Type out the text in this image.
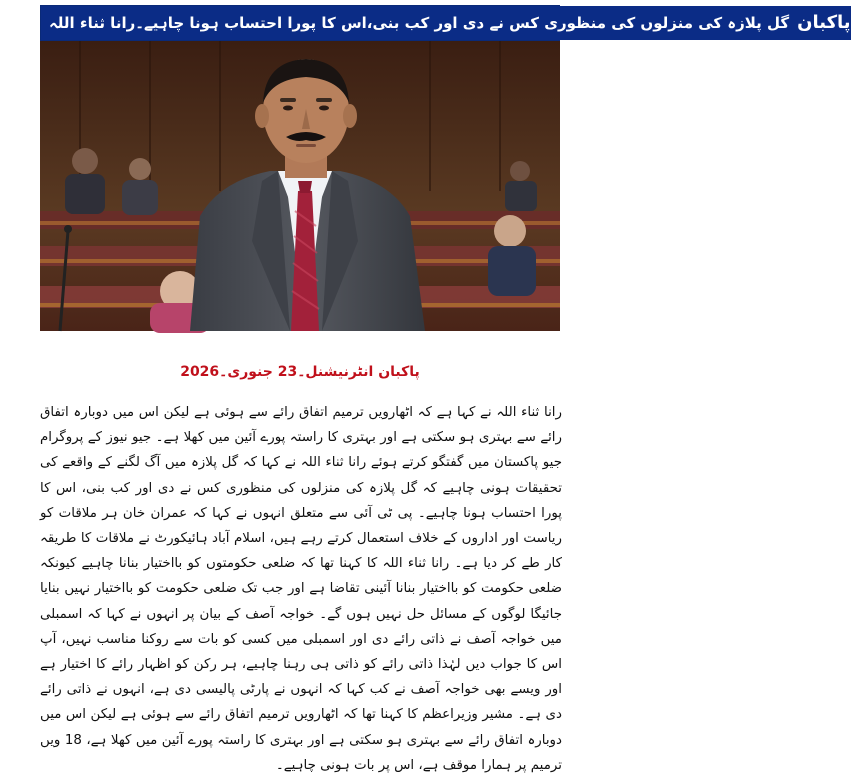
گل پلازہ کی منزلوں کی منظوری کس نے دی اور کب بنی،اس کا پورا احتساب ہونا چاہیے۔رانا ثناء اللہ پاکبان
پاکبان انٹرنیشنل۔23 جنوری۔2026
رانا ثناء اللہ نے کہا ہے کہ اٹھارویں ترمیم اتفاق رائے سے ہوئی ہے لیکن اس میں دوبارہ اتفاق رائے سے بہتری ہو سکتی ہے اور بہتری کا راستہ پورے آئین میں کھلا ہے۔ جیو نیوز کے پروگرام جیو پاکستان میں گفتگو کرتے ہوئے رانا ثناء اللہ نے کہا کہ گل پلازہ میں آگ لگنے کے واقعے کی تحقیقات ہونی چاہیے کہ گل پلازہ کی منزلوں کی منظوری کس نے دی اور کب بنی، اس کا پورا احتساب ہونا چاہیے۔ پی ٹی آئی سے متعلق انہوں نے کہا کہ عمران خان ہر ملاقات کو ریاست اور اداروں کے خلاف استعمال کرتے رہے ہیں، اسلام آباد ہائیکورٹ نے ملاقات کا طریقہ کار طے کر دیا ہے۔ رانا ثناء اللہ کا کہنا تھا کہ ضلعی حکومتوں کو بااختیار بنانا چاہیے کیونکہ ضلعی حکومت کو بااختیار بنانا آئینی تقاضا ہے اور جب تک ضلعی حکومت کو بااختیار نہیں بنایا جائیگا لوگوں کے مسائل حل نہیں ہوں گے۔ خواجہ آصف کے بیان پر انہوں نے کہا کہ اسمبلی میں خواجہ آصف نے ذاتی رائے دی اور اسمبلی میں کسی کو بات سے روکنا مناسب نہیں، آپ اس کا جواب دیں لہٰذا ذاتی رائے کو ذاتی ہی رہنا چاہیے، ہر رکن کو اظہار رائے کا اختیار ہے اور ویسے بھی خواجہ آصف نے کب کہا کہ انہوں نے پارٹی پالیسی دی ہے، انہوں نے ذاتی رائے دی ہے۔ مشیر وزیراعظم کا کہنا تھا کہ اٹھارویں ترمیم اتفاق رائے سے ہوئی ہے لیکن اس میں دوبارہ اتفاق رائے سے بہتری ہو سکتی ہے اور بہتری کا راستہ پورے آئین میں کھلا ہے، 18 ویں ترمیم پر ہمارا موقف ہے، اس پر بات ہونی چاہیے۔
